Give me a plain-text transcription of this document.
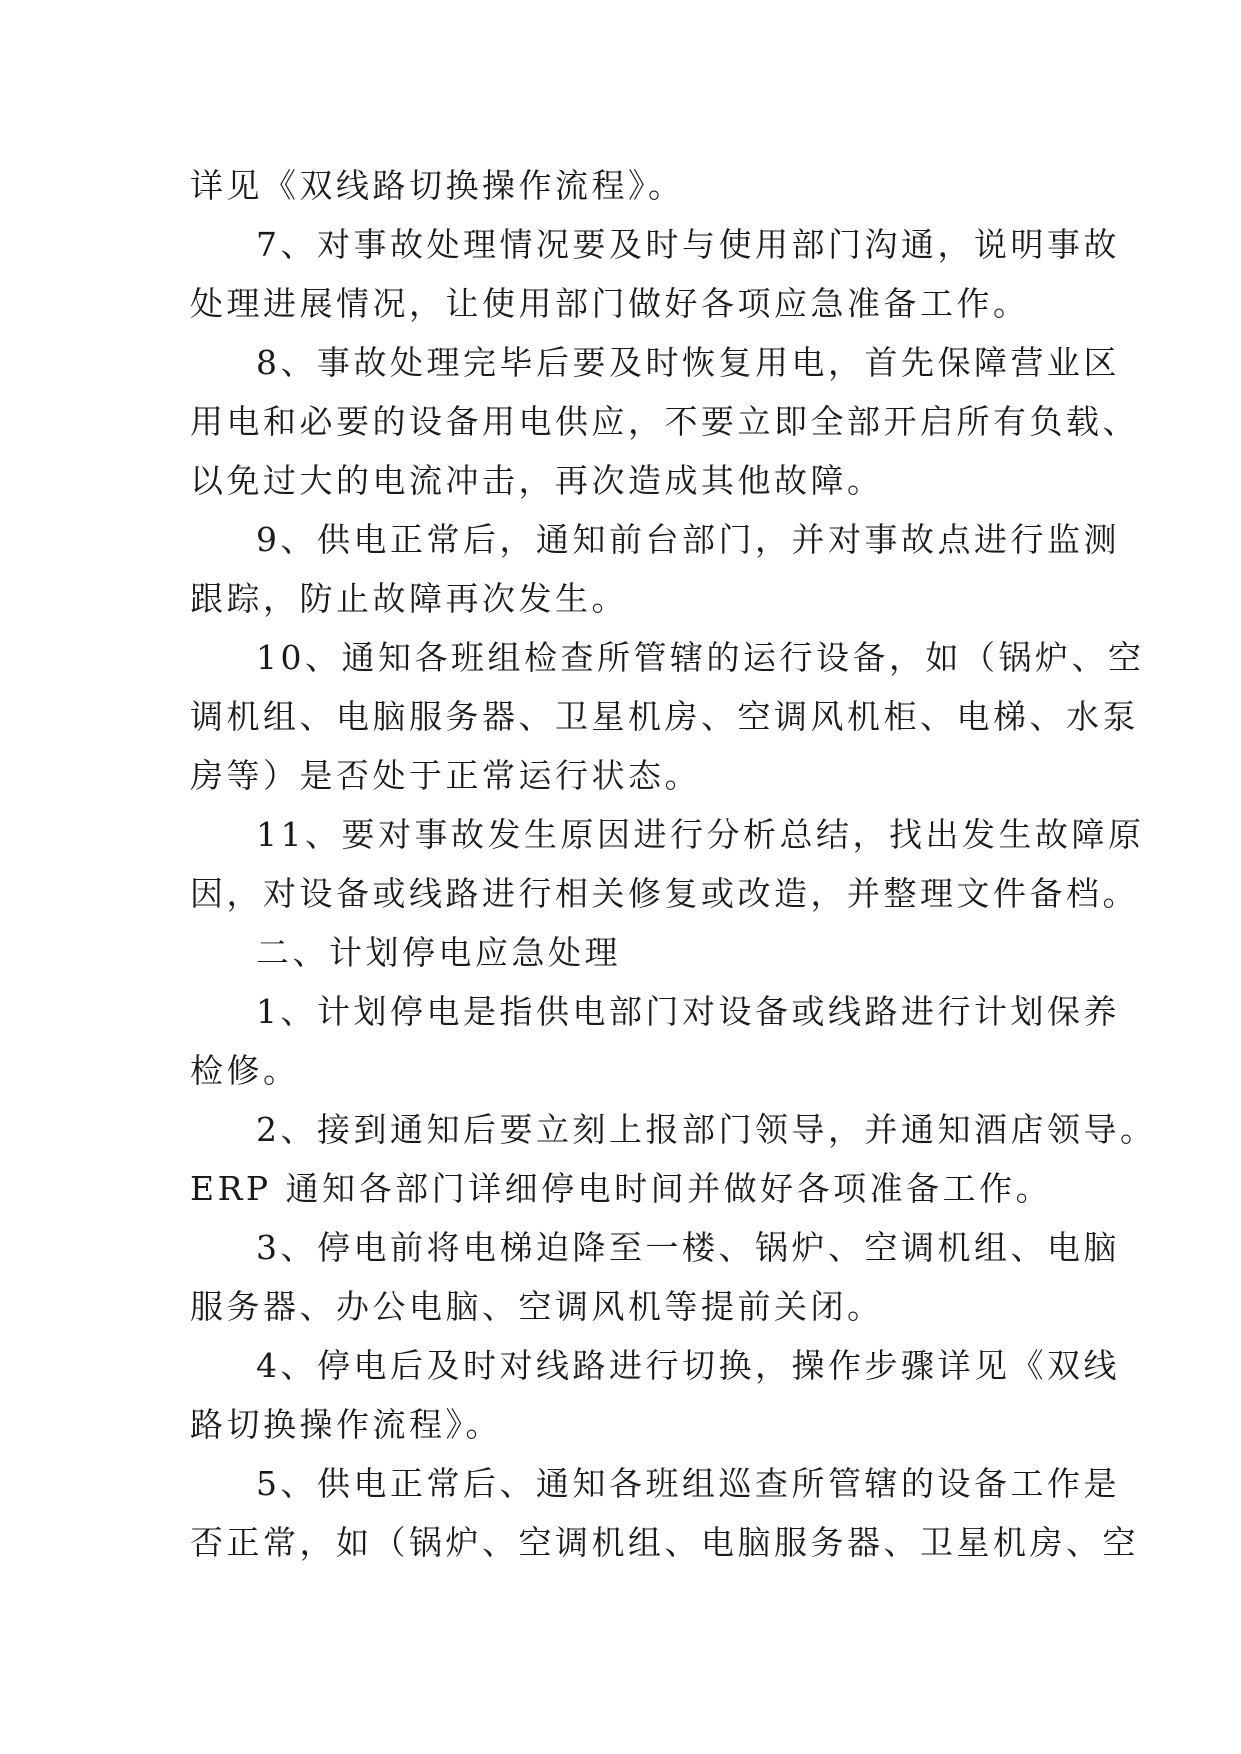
详见《双线路切换操作流程》。
7、对事故处理情况要及时与使用部门沟通，说明事故
处理进展情况，让使用部门做好各项应急准备工作。
8、事故处理完毕后要及时恢复用电，首先保障营业区
用电和必要的设备用电供应，不要立即全部开启所有负载、
以免过大的电流冲击，再次造成其他故障。
9、供电正常后，通知前台部门，并对事故点进行监测
跟踪，防止故障再次发生。
10、通知各班组检查所管辖的运行设备，如（锅炉、空
调机组、电脑服务器、卫星机房、空调风机柜、电梯、水泵
房等）是否处于正常运行状态。
11、要对事故发生原因进行分析总结，找出发生故障原
因，对设备或线路进行相关修复或改造，并整理文件备档。
二、计划停电应急处理
1、计划停电是指供电部门对设备或线路进行计划保养
检修。
2、接到通知后要立刻上报部门领导，并通知酒店领导。
ERP 通知各部门详细停电时间并做好各项准备工作。
3、停电前将电梯迫降至一楼、锅炉、空调机组、电脑
服务器、办公电脑、空调风机等提前关闭。
4、停电后及时对线路进行切换，操作步骤详见《双线
路切换操作流程》。
5、供电正常后、通知各班组巡查所管辖的设备工作是
否正常，如（锅炉、空调机组、电脑服务器、卫星机房、空
